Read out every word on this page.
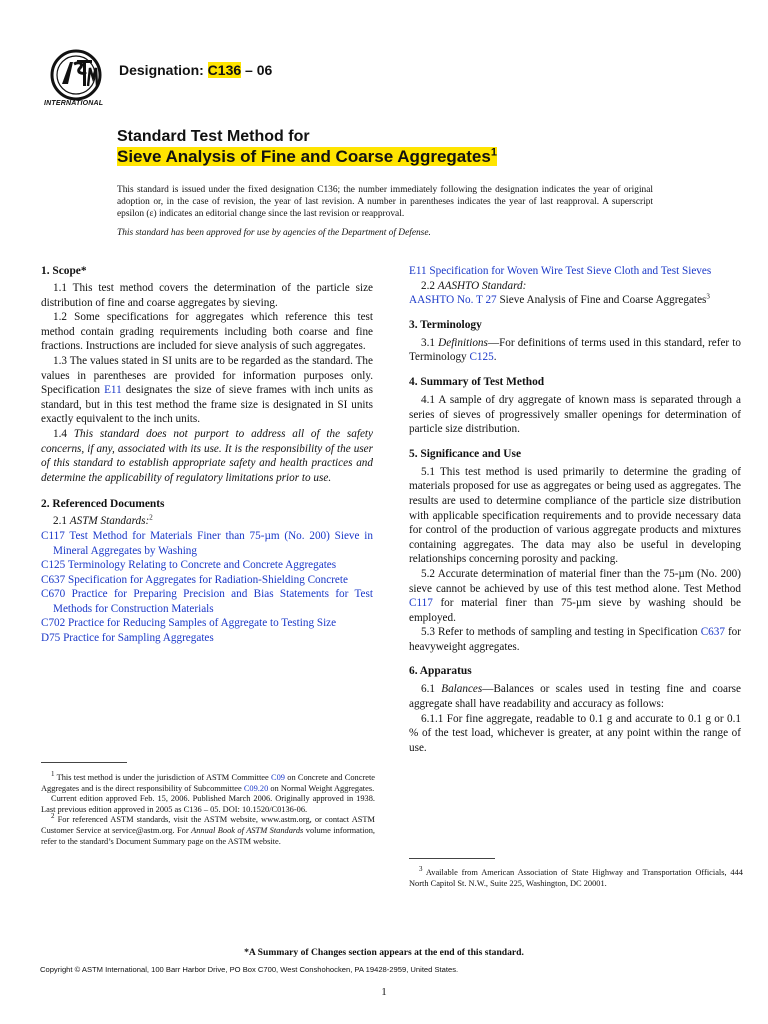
INTERNATIONAL
Designation: C136 – 06
Standard Test Method for
Sieve Analysis of Fine and Coarse Aggregates$^1$
This standard is issued under the fixed designation C136; the number immediately following the designation indicates the year of original adoption or, in the case of revision, the year of last revision. A number in parentheses indicates the year of last reapproval. A superscript epsilon (ε) indicates an editorial change since the last revision or reapproval.
This standard has been approved for use by agencies of the Department of Defense.
1. Scope*

1.1 This test method covers the determination of the particle size distribution of fine and coarse aggregates by sieving.

1.2 Some specifications for aggregates which reference this test method contain grading requirements including both coarse and fine fractions. Instructions are included for sieve analysis of such aggregates.

1.3 The values stated in SI units are to be regarded as the standard. The values in parentheses are provided for information purposes only. Specification E11 designates the size of sieve frames with inch units as standard, but in this test method the frame size is designated in SI units exactly equivalent to the inch units.

1.4 This standard does not purport to address all of the safety concerns, if any, associated with its use. It is the responsibility of the user of this standard to establish appropriate safety and health practices and determine the applicability of regulatory limitations prior to use.

2. Referenced Documents

2.1 ASTM Standards:$^2$

C117 Test Method for Materials Finer than 75-µm (No. 200) Sieve in Mineral Aggregates by Washing

C125 Terminology Relating to Concrete and Concrete Aggregates

C637 Specification for Aggregates for Radiation-Shielding Concrete

C670 Practice for Preparing Precision and Bias Statements for Test Methods for Construction Materials

C702 Practice for Reducing Samples of Aggregate to Testing Size

D75 Practice for Sampling Aggregates

$^1$ This test method is under the jurisdiction of ASTM Committee C09 on Concrete and Concrete Aggregates and is the direct responsibility of Subcommittee C09.20 on Normal Weight Aggregates.

Current edition approved Feb. 15, 2006. Published March 2006. Originally approved in 1938. Last previous edition approved in 2005 as C136 – 05. DOI: 10.1520/C0136-06.

$^2$ For referenced ASTM standards, visit the ASTM website, www.astm.org, or contact ASTM Customer Service at service@astm.org. For Annual Book of ASTM Standards volume information, refer to the standard’s Document Summary page on the ASTM website.

E11 Specification for Woven Wire Test Sieve Cloth and Test Sieves

2.2 AASHTO Standard:

AASHTO No. T 27 Sieve Analysis of Fine and Coarse Aggregates$^3$

3. Terminology

3.1 Definitions—For definitions of terms used in this standard, refer to Terminology C125.

4. Summary of Test Method

4.1 A sample of dry aggregate of known mass is separated through a series of sieves of progressively smaller openings for determination of particle size distribution.

5. Significance and Use

5.1 This test method is used primarily to determine the grading of materials proposed for use as aggregates or being used as aggregates. The results are used to determine compliance of the particle size distribution with applicable specification requirements and to provide necessary data for control of the production of various aggregate products and mixtures containing aggregates. The data may also be useful in developing relationships concerning porosity and packing.

5.2 Accurate determination of material finer than the 75-µm (No. 200) sieve cannot be achieved by use of this test method alone. Test Method C117 for material finer than 75-µm sieve by washing should be employed.

5.3 Refer to methods of sampling and testing in Specification C637 for heavyweight aggregates.

6. Apparatus

6.1 Balances—Balances or scales used in testing fine and coarse aggregate shall have readability and accuracy as follows:

6.1.1 For fine aggregate, readable to 0.1 g and accurate to 0.1 g or 0.1 % of the test load, whichever is greater, at any point within the range of use.

$^3$ Available from American Association of State Highway and Transportation Officials, 444 North Capitol St. N.W., Suite 225, Washington, DC 20001.

*A Summary of Changes section appears at the end of this standard.
Copyright © ASTM International, 100 Barr Harbor Drive, PO Box C700, West Conshohocken, PA 19428-2959, United States.
1
